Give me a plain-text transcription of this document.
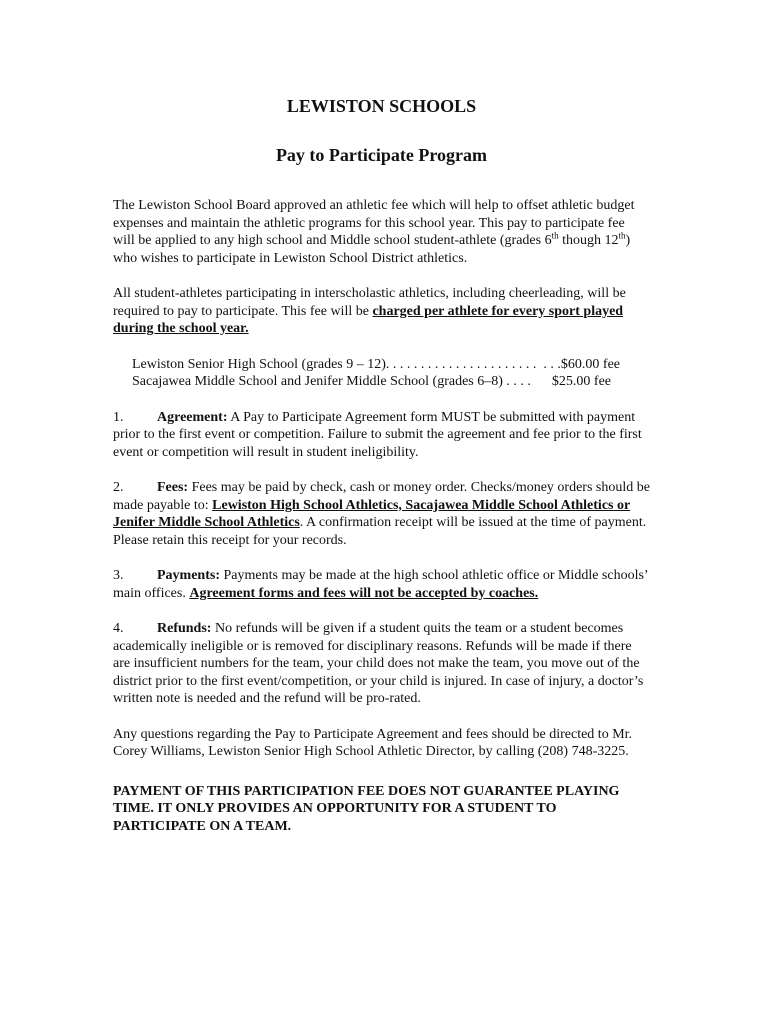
LEWISTON SCHOOLS
Pay to Participate Program

The Lewiston School Board approved an athletic fee which will help to offset athletic budget expenses and maintain the athletic programs for this school year. This pay to participate fee will be applied to any high school and Middle school student-athlete (grades 6th though 12th) who wishes to participate in Lewiston School District athletics.

All student-athletes participating in interscholastic athletics, including cheerleading, will be required to pay to participate. This fee will be charged per athlete for every sport played during the school year.

Lewiston Senior High School (grades 9 – 12) . . . . . . . . . . . . . . . . . . . . . .  . . . $60.00 fee
Sacajawea Middle School and Jenifer Middle School (grades 6–8) . . . . $25.00 fee

1. Agreement: A Pay to Participate Agreement form MUST be submitted with payment prior to the first event or competition. Failure to submit the agreement and fee prior to the first event or competition will result in student ineligibility.

2. Fees: Fees may be paid by check, cash or money order. Checks/money orders should be made payable to: Lewiston High School Athletics, Sacajawea Middle School Athletics or Jenifer Middle School Athletics. A confirmation receipt will be issued at the time of payment. Please retain this receipt for your records.

3. Payments: Payments may be made at the high school athletic office or Middle schools’ main offices. Agreement forms and fees will not be accepted by coaches.

4. Refunds: No refunds will be given if a student quits the team or a student becomes academically ineligible or is removed for disciplinary reasons. Refunds will be made if there are insufficient numbers for the team, your child does not make the team, you move out of the district prior to the first event/competition, or your child is injured. In case of injury, a doctor’s written note is needed and the refund will be pro-rated.

Any questions regarding the Pay to Participate Agreement and fees should be directed to Mr. Corey Williams, Lewiston Senior High School Athletic Director, by calling (208) 748-3225.

PAYMENT OF THIS PARTICIPATION FEE DOES NOT GUARANTEE PLAYING TIME. IT ONLY PROVIDES AN OPPORTUNITY FOR A STUDENT TO PARTICIPATE ON A TEAM.
